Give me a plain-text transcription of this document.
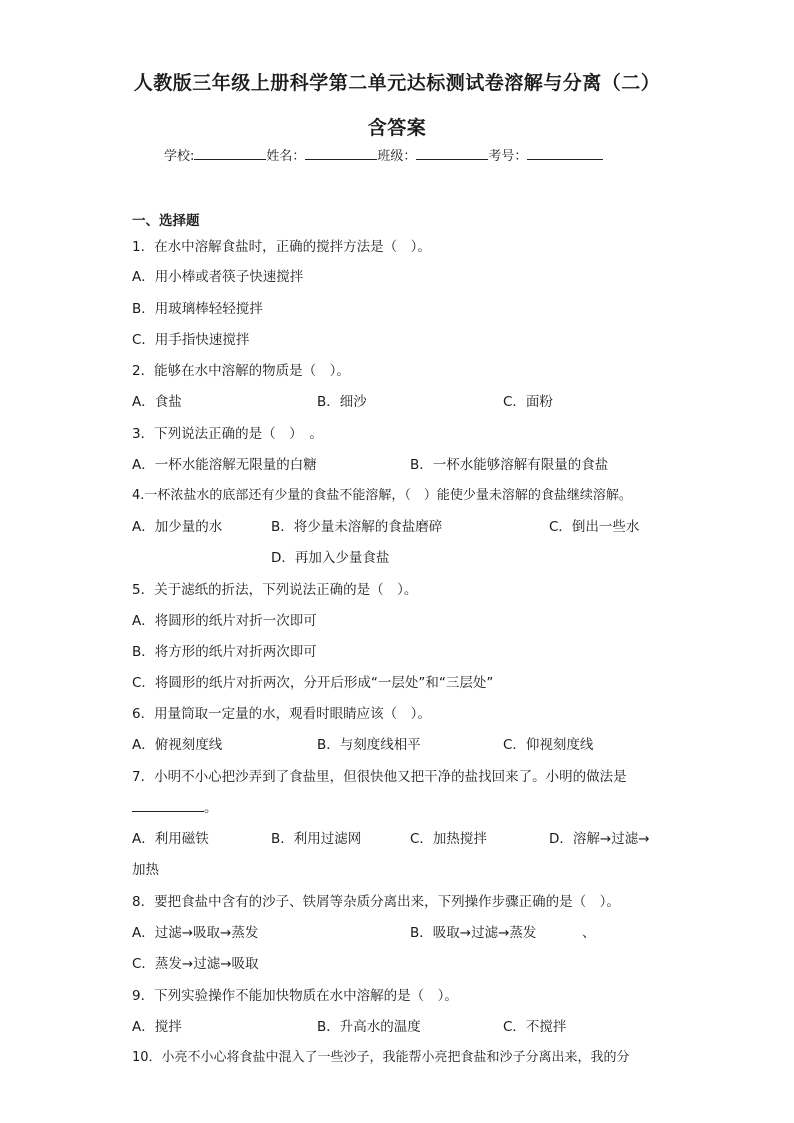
人教版三年级上册科学第二单元达标测试卷溶解与分离（二）
含答案
学校:	姓名：	班级：	考号：
一、选择题
1．在水中溶解食盐时，正确的搅拌方法是（　）。
A．用小棒或者筷子快速搅拌
B．用玻璃棒轻轻搅拌
C．用手指快速搅拌
2．能够在水中溶解的物质是（　）。
A．食盐	B．细沙	C．面粉
3．下列说法正确的是（　）　。
A．一杯水能溶解无限量的白糖	B．一杯水能够溶解有限量的食盐
4.一杯浓盐水的底部还有少量的食盐不能溶解，（　）能使少量未溶解的食盐继续溶解。
A．加少量的水	B．将少量未溶解的食盐磨碎	C．倒出一些水
D．再加入少量食盐
5．关于滤纸的折法，下列说法正确的是（　）。
A．将圆形的纸片对折一次即可
B．将方形的纸片对折两次即可
C．将圆形的纸片对折两次，分开后形成“一层处”和“三层处”
6．用量筒取一定量的水，观看时眼睛应该（　）。
A．俯视刻度线	B．与刻度线相平	C．仰视刻度线
7．小明不小心把沙弄到了食盐里，但很快他又把干净的盐找回来了。小明的做法是
。
A．利用磁铁	B．利用过滤网	C．加热搅拌	D．溶解→过滤→
加热
8．要把食盐中含有的沙子、铁屑等杂质分离出来，下列操作步骤正确的是（　）。
A．过滤→吸取→蒸发	B．吸取→过滤→蒸发	、
C．蒸发→过滤→吸取
9．下列实验操作不能加快物质在水中溶解的是（　）。
A．搅拌	B．升高水的温度	C．不搅拌
10．小亮不小心将食盐中混入了一些沙子，我能帮小亮把食盐和沙子分离出来，我的分
